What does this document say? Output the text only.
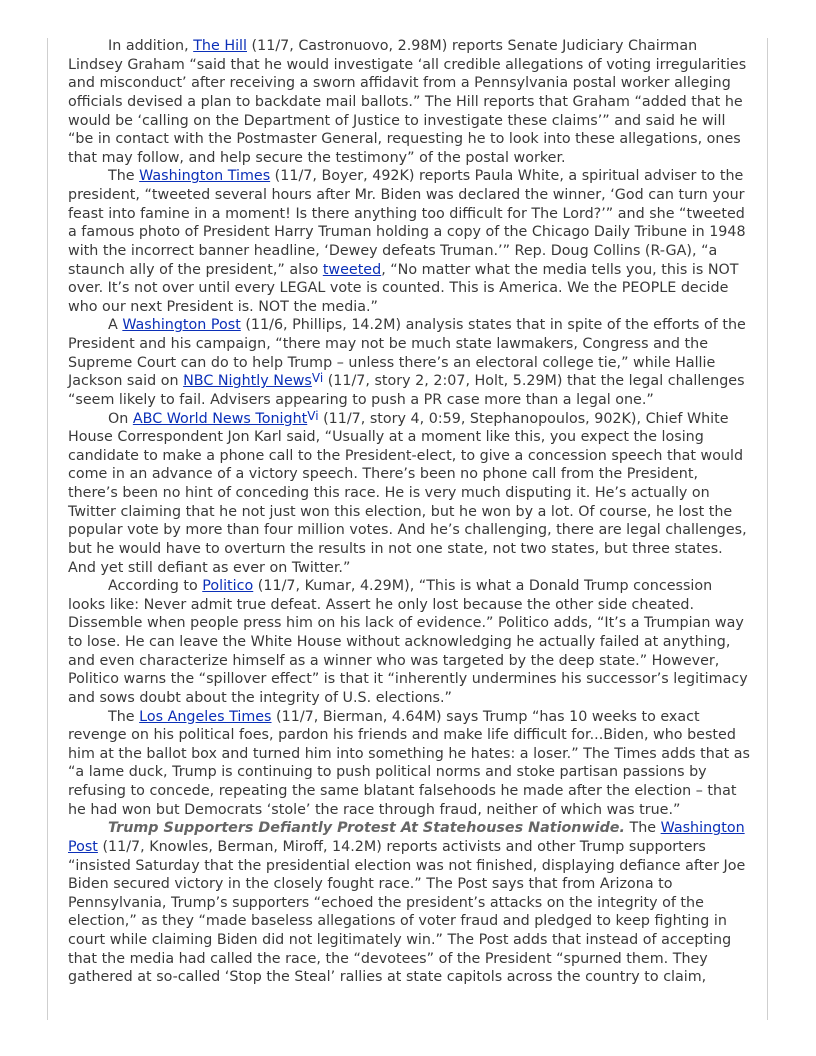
In addition, The Hill (11/7, Castronuovo, 2.98M) reports Senate Judiciary Chairman Lindsey Graham “said that he would investigate ‘all credible allegations of voting irregularities and misconduct’ after receiving a sworn affidavit from a Pennsylvania postal worker alleging officials devised a plan to backdate mail ballots.” The Hill reports that Graham “added that he would be ‘calling on the Department of Justice to investigate these claims’” and said he will “be in contact with the Postmaster General, requesting he to look into these allegations, ones that may follow, and help secure the testimony” of the postal worker.

The Washington Times (11/7, Boyer, 492K) reports Paula White, a spiritual adviser to the president, “tweeted several hours after Mr. Biden was declared the winner, ‘God can turn your feast into famine in a moment! Is there anything too difficult for The Lord?’” and she “tweeted a famous photo of President Harry Truman holding a copy of the Chicago Daily Tribune in 1948 with the incorrect banner headline, ‘Dewey defeats Truman.’” Rep. Doug Collins (R-GA), “a staunch ally of the president,” also tweeted, “No matter what the media tells you, this is NOT over. It’s not over until every LEGAL vote is counted. This is America. We the PEOPLE decide who our next President is. NOT the media.”

A Washington Post (11/6, Phillips, 14.2M) analysis states that in spite of the efforts of the President and his campaign, “there may not be much state lawmakers, Congress and the Supreme Court can do to help Trump – unless there’s an electoral college tie,” while Hallie Jackson said on NBC Nightly News$^{Vi}$ (11/7, story 2, 2:07, Holt, 5.29M) that the legal challenges “seem likely to fail. Advisers appearing to push a PR case more than a legal one.”

On ABC World News Tonight$^{Vi}$ (11/7, story 4, 0:59, Stephanopoulos, 902K), Chief White House Correspondent Jon Karl said, “Usually at a moment like this, you expect the losing candidate to make a phone call to the President-elect, to give a concession speech that would come in an advance of a victory speech. There’s been no phone call from the President, there’s been no hint of conceding this race. He is very much disputing it. He’s actually on Twitter claiming that he not just won this election, but he won by a lot. Of course, he lost the popular vote by more than four million votes. And he’s challenging, there are legal challenges, but he would have to overturn the results in not one state, not two states, but three states. And yet still defiant as ever on Twitter.”

According to Politico (11/7, Kumar, 4.29M), “This is what a Donald Trump concession looks like: Never admit true defeat. Assert he only lost because the other side cheated. Dissemble when people press him on his lack of evidence.” Politico adds, “It’s a Trumpian way to lose. He can leave the White House without acknowledging he actually failed at anything, and even characterize himself as a winner who was targeted by the deep state.” However, Politico warns the “spillover effect” is that it “inherently undermines his successor’s legitimacy and sows doubt about the integrity of U.S. elections.”

The Los Angeles Times (11/7, Bierman, 4.64M) says Trump “has 10 weeks to exact revenge on his political foes, pardon his friends and make life difficult for...Biden, who bested him at the ballot box and turned him into something he hates: a loser.” The Times adds that as “a lame duck, Trump is continuing to push political norms and stoke partisan passions by refusing to concede, repeating the same blatant falsehoods he made after the election – that he had won but Democrats ‘stole’ the race through fraud, neither of which was true.”

Trump Supporters Defiantly Protest At Statehouses Nationwide. The Washington Post (11/7, Knowles, Berman, Miroff, 14.2M) reports activists and other Trump supporters “insisted Saturday that the presidential election was not finished, displaying defiance after Joe Biden secured victory in the closely fought race.” The Post says that from Arizona to Pennsylvania, Trump’s supporters “echoed the president’s attacks on the integrity of the election,” as they “made baseless allegations of voter fraud and pledged to keep fighting in court while claiming Biden did not legitimately win.” The Post adds that instead of accepting that the media had called the race, the “devotees” of the President “spurned them. They gathered at so-called ‘Stop the Steal’ rallies at state capitols across the country to claim,
